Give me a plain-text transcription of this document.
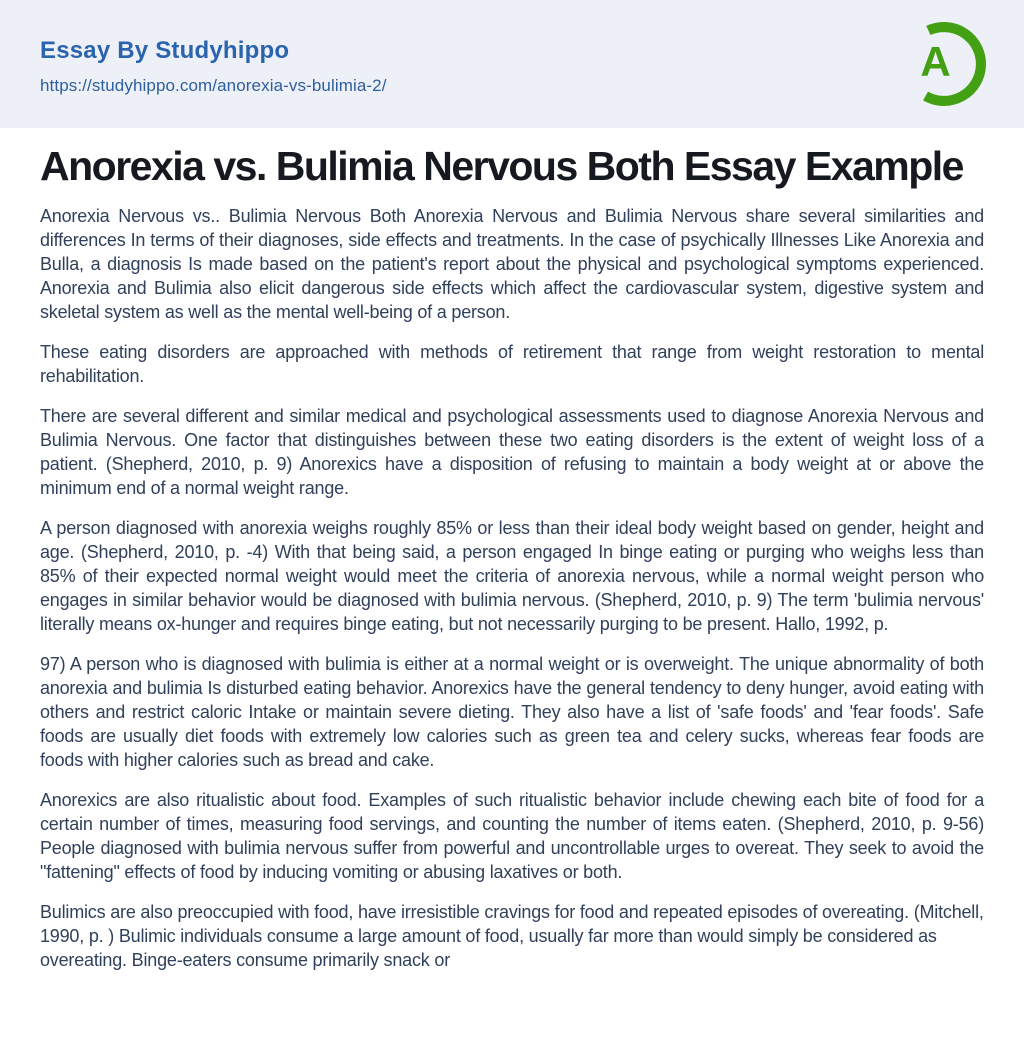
Essay By Studyhippo
https://studyhippo.com/anorexia-vs-bulimia-2/
A
Anorexia vs. Bulimia Nervous Both Essay Example

Anorexia Nervous vs.. Bulimia Nervous Both Anorexia Nervous and Bulimia Nervous share several similarities and differences In terms of their diagnoses, side effects and treatments. In the case of psychically Illnesses Like Anorexia and Bulla, a diagnosis Is made based on the patient's report about the physical and psychological symptoms experienced. Anorexia and Bulimia also elicit dangerous side effects which affect the cardiovascular system, digestive system and skeletal system as well as the mental well-being of a person.

These eating disorders are approached with methods of retirement that range from weight restoration to mental rehabilitation.

There are several different and similar medical and psychological assessments used to diagnose Anorexia Nervous and Bulimia Nervous. One factor that distinguishes between these two eating disorders is the extent of weight loss of a patient. (Shepherd, 2010, p. 9) Anorexics have a disposition of refusing to maintain a body weight at or above the minimum end of a normal weight range.

A person diagnosed with anorexia weighs roughly 85% or less than their ideal body weight based on gender, height and age. (Shepherd, 2010, p. -4) With that being said, a person engaged In binge eating or purging who weighs less than 85% of their expected normal weight would meet the criteria of anorexia nervous, while a normal weight person who engages in similar behavior would be diagnosed with bulimia nervous. (Shepherd, 2010, p. 9) The term 'bulimia nervous' literally means ox-hunger and requires binge eating, but not necessarily purging to be present. Hallo, 1992, p.

97) A person who is diagnosed with bulimia is either at a normal weight or is overweight. The unique abnormality of both anorexia and bulimia Is disturbed eating behavior. Anorexics have the general tendency to deny hunger, avoid eating with others and restrict caloric Intake or maintain severe dieting. They also have a list of 'safe foods' and 'fear foods'. Safe foods are usually diet foods with extremely low calories such as green tea and celery sucks, whereas fear foods are foods with higher calories such as bread and cake.

Anorexics are also ritualistic about food. Examples of such ritualistic behavior include chewing each bite of food for a certain number of times, measuring food servings, and counting the number of items eaten. (Shepherd, 2010, p. 9-56) People diagnosed with bulimia nervous suffer from powerful and uncontrollable urges to overeat. They seek to avoid the "fattening" effects of food by inducing vomiting or abusing laxatives or both.

Bulimics are also preoccupied with food, have irresistible cravings for food and repeated episodes of overeating. (Mitchell, 1990, p. ) Bulimic individuals consume a large amount of food, usually far more than would simply be considered as overeating. Binge-eaters consume primarily snack or
